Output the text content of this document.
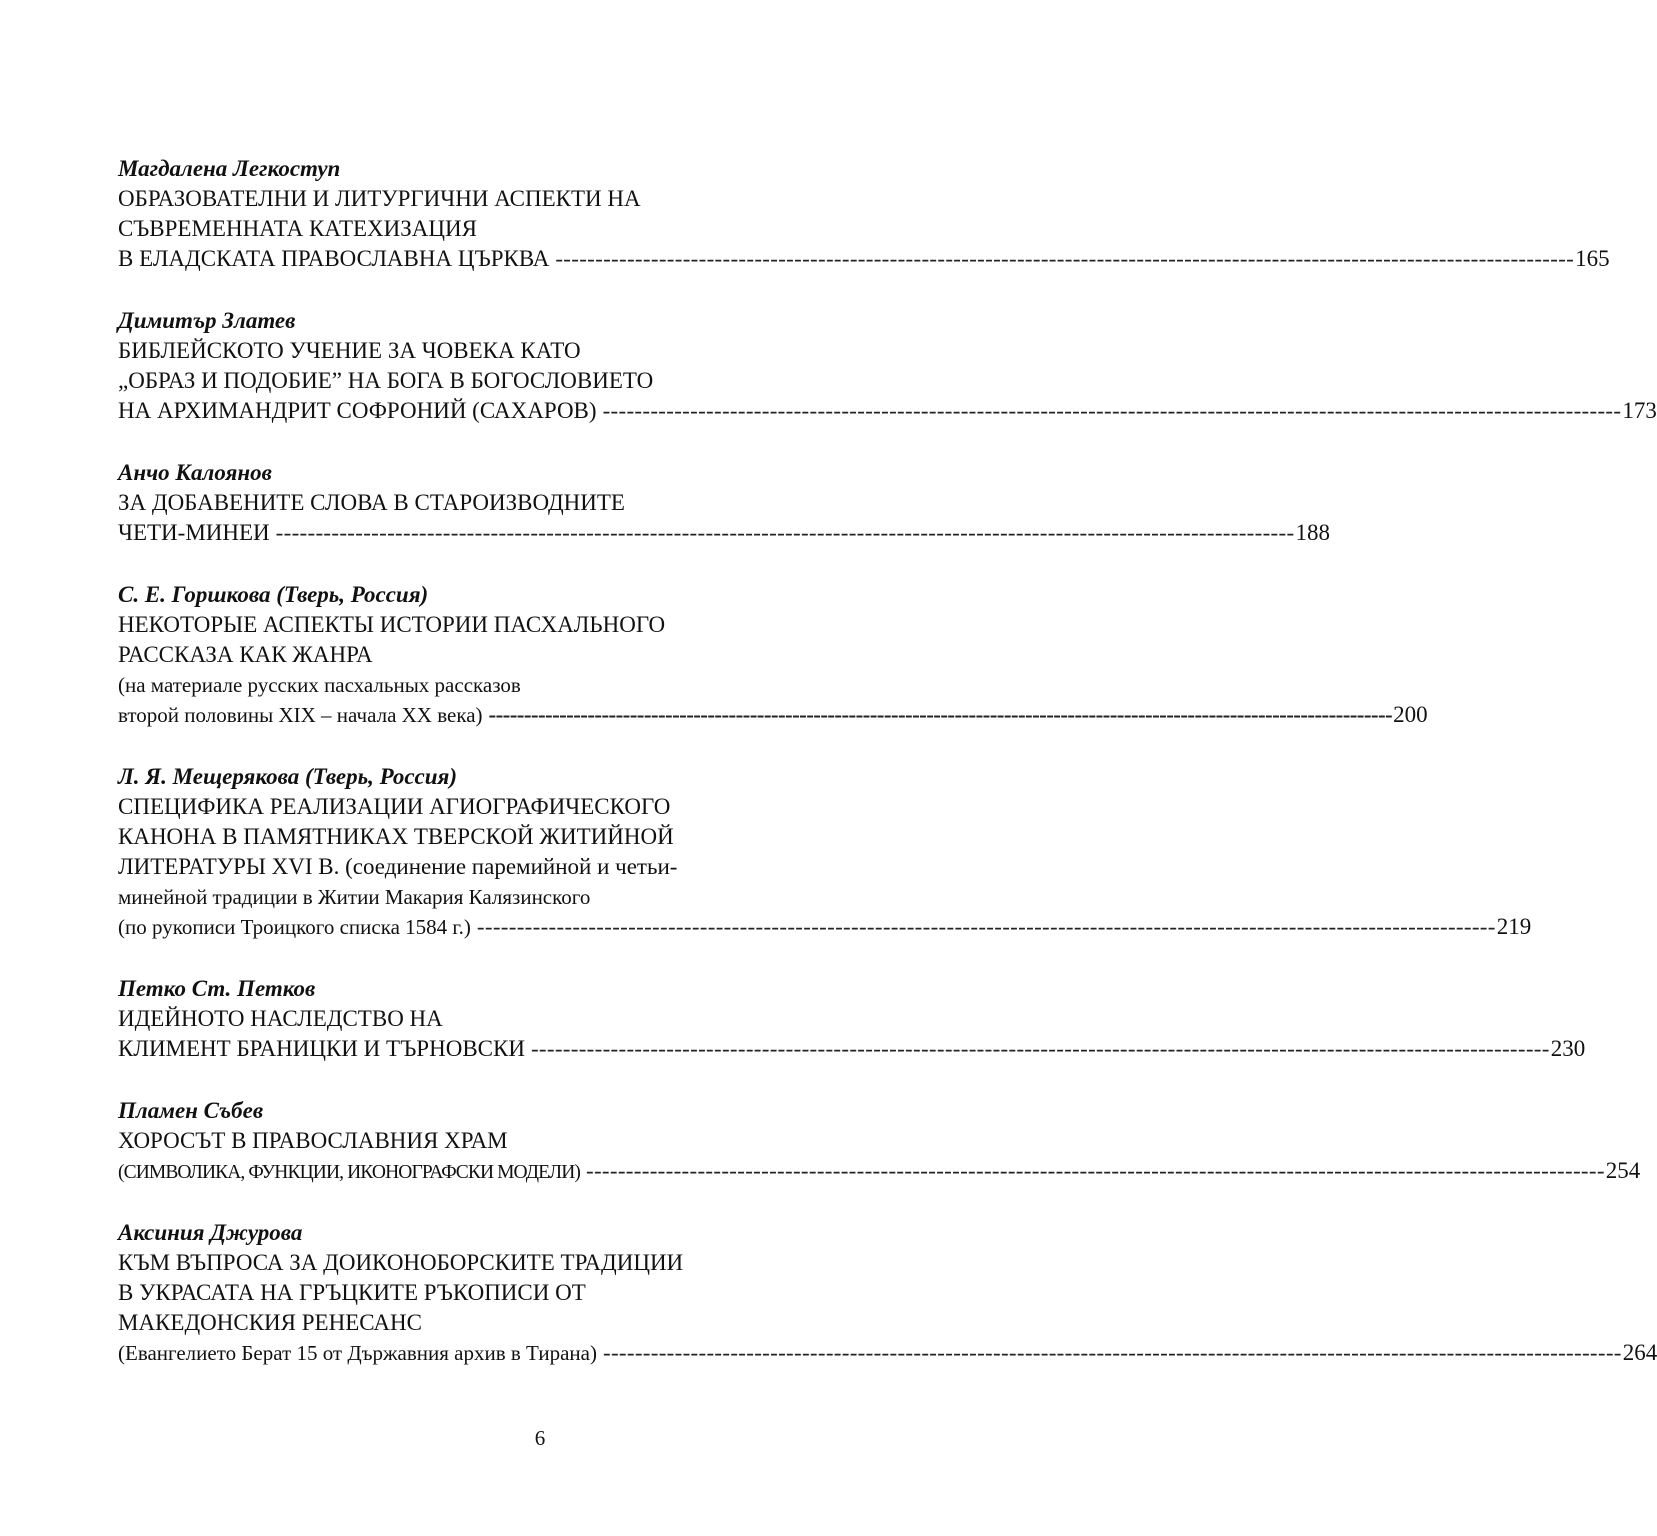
Магдалена Легкоступ
ОБРАЗОВАТЕЛНИ И ЛИТУРГИЧНИ АСПЕКТИ НА
СЪВРЕМЕННАТА КАТЕХИЗАЦИЯ
В ЕЛАДСКАТА ПРАВОСЛАВНА ЦЪРКВА -------------------------------------------------------------------------------------------------------------------------------- 165
Димитър Златев
БИБЛЕЙСКОТО УЧЕНИЕ ЗА ЧОВЕКА КАТО
„ОБРАЗ И ПОДОБИЕ” НА БОГА В БОГОСЛОВИЕТО
НА АРХИМАНДРИТ СОФРОНИЙ (САХАРОВ) -------------------------------------------------------------------------------------------------------------------------------- 173
Анчо Калоянов
ЗА ДОБАВЕНИТЕ СЛОВА В СТАРОИЗВОДНИТЕ
ЧЕТИ-МИНЕИ -------------------------------------------------------------------------------------------------------------------------------- 188
С. Е. Горшкова (Тверь, Россия)
НЕКОТОРЫЕ АСПЕКТЫ ИСТОРИИ ПАСХАЛЬНОГО
РАССКАЗА КАК ЖАНРА
(на материале русских пасхальных рассказов
второй половины XIX – начала XX века) -------------------------------------------------------------------------------------------------------------------------------- 200
Л. Я. Мещерякова (Тверь, Россия)
СПЕЦИФИКА РЕАЛИЗАЦИИ АГИОГРАФИЧЕСКОГО
КАНОНА В ПАМЯТНИКАХ ТВЕРСКОЙ ЖИТИЙНОЙ
ЛИТЕРАТУРЫ XVI В. (соединение паремийной и четьи-
минейной традиции в Житии Макария Калязинского
(по рукописи Троицкого списка 1584 г.) -------------------------------------------------------------------------------------------------------------------------------- 219
Петко Ст. Петков
ИДЕЙНОТО НАСЛЕДСТВО НА
КЛИМЕНТ БРАНИЦКИ И ТЪРНОВСКИ -------------------------------------------------------------------------------------------------------------------------------- 230
Пламен Събев
ХОРОСЪТ В ПРАВОСЛАВНИЯ ХРАМ
(СИМВОЛИКА, ФУНКЦИИ, ИКОНОГРАФСКИ МОДЕЛИ) -------------------------------------------------------------------------------------------------------------------------------- 254
Аксиния Джурова
КЪМ ВЪПРОСА ЗА ДОИКОНОБОРСКИТЕ ТРАДИЦИИ
В УКРАСАТА НА ГРЪЦКИТЕ РЪКОПИСИ ОТ
МАКЕДОНСКИЯ РЕНЕСАНС
(Евангелието Берат 15 от Държавния архив в Тирана) -------------------------------------------------------------------------------------------------------------------------------- 264
6
